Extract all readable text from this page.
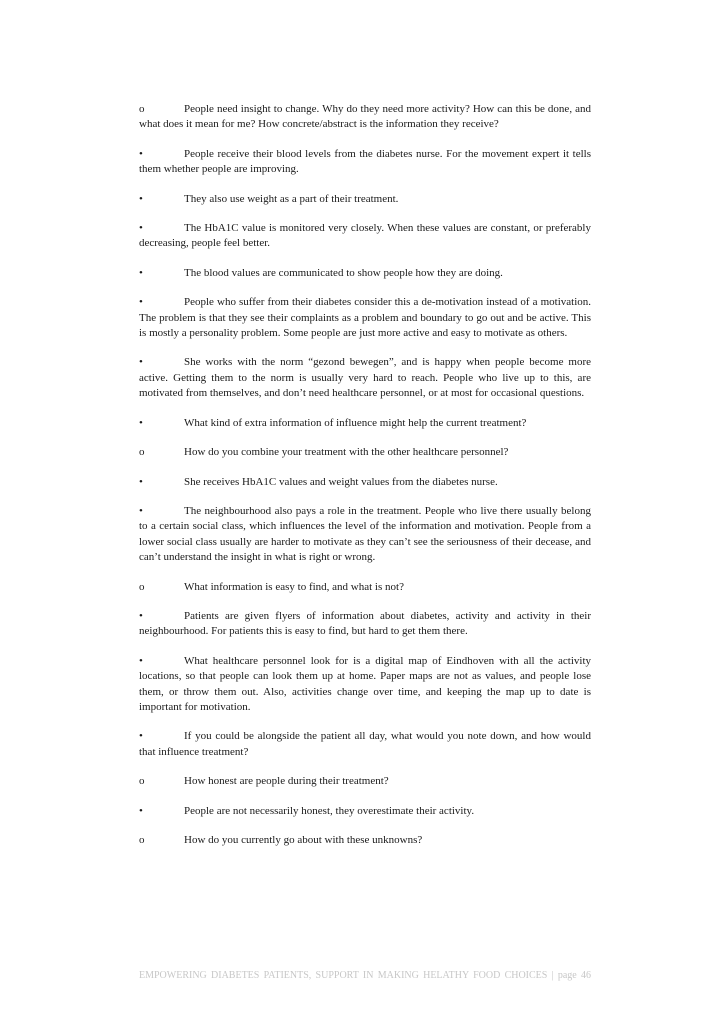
o	People need insight to change. Why do they need more activity? How can this be done, and what does it mean for me? How concrete/abstract is the information they receive?

•	People receive their blood levels from the diabetes nurse. For the movement expert it tells them whether people are improving.

•	They also use weight as a part of their treatment.

•	The HbA1C value is monitored very closely. When these values are constant, or preferably decreasing, people feel better.

•	The blood values are communicated to show people how they are doing.

•	People who suffer from their diabetes consider this a de-motivation instead of a motivation. The problem is that they see their complaints as a problem and boundary to go out and be active. This is mostly a personality problem. Some people are just more active and easy to motivate as others.

•	She works with the norm “gezond bewegen”, and is happy when people become more active. Getting them to the norm is usually very hard to reach. People who live up to this, are motivated from themselves, and don’t need healthcare personnel, or at most for occasional questions.

•	What kind of extra information of influence might help the current treatment?

o	How do you combine your treatment with the other healthcare personnel?

•	She receives HbA1C values and weight values from the diabetes nurse.

•	The neighbourhood also pays a role in the treatment. People who live there usually belong to a certain social class, which influences the level of the information and motivation. People from a lower social class usually are harder to motivate as they can’t see the seriousness of their decease, and can’t understand the insight in what is right or wrong.

o	What information is easy to find, and what is not?

•	Patients are given flyers of information about diabetes, activity and activity in their neighbourhood. For patients this is easy to find, but hard to get them there.

•	What healthcare personnel look for is a digital map of Eindhoven with all the activity locations, so that people can look them up at home. Paper maps are not as values, and people lose them, or throw them out. Also, activities change over time, and keeping the map up to date is important for motivation.

•	If you could be alongside the patient all day, what would you note down, and how would that influence treatment?

o	How honest are people during their treatment?

•	People are not necessarily honest, they overestimate their activity.

o	How do you currently go about with these unknowns?

EMPOWERING DIABETES PATIENTS, SUPPORT IN MAKING HELATHY FOOD CHOICES | page 46
